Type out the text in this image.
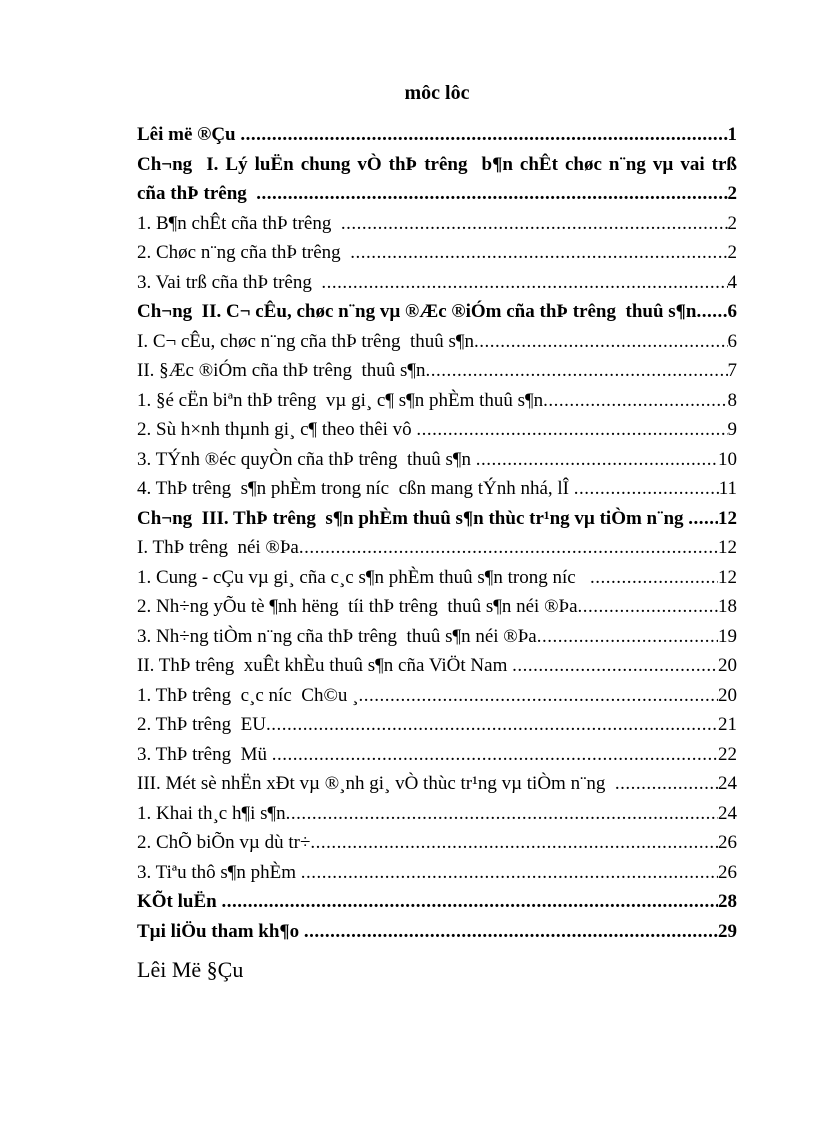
môc lôc
Lêi më ®Çu .....	1
Ch¬ng  I. Lý luËn chung vÒ thÞ trêng  b¶n chÊt chøc n¨ng vµ vai trß
cña thÞ trêng .....	2
1. B¶n chÊt cña thÞ trêng .....	2
2. Chøc n¨ng cña thÞ trêng .....	2
3. Vai trß cña thÞ trêng .....	4
Ch¬ng  II. C¬ cÊu, chøc n¨ng vµ ®Æc ®iÓm cña thÞ trêng  thuû s¶n ..... 6
I. C¬ cÊu, chøc n¨ng cña thÞ trêng  thuû s¶n .....	6
II. §Æc ®iÓm cña thÞ trêng  thuû s¶n .....	7
1. §é cËn biªn thÞ trêng  vµ gi¸ c¶ s¶n phÈm thuû s¶n .....	8
2. Sù h×nh thµnh gi¸ c¶ theo thêi vô .....	9
3. TÝnh ®éc quyÒn cña thÞ trêng  thuû s¶n .....	10
4. ThÞ trêng  s¶n phÈm trong níc  cßn mang tÝnh nhá, lÎ .....	11
Ch¬ng  III. ThÞ trêng  s¶n phÈm thuû s¶n thùc tr¹ng vµ tiÒm n¨ng ..... 12
I. ThÞ trêng  néi ®Þa .....	12
1. Cung - cÇu vµ gi¸ cña c¸c s¶n phÈm thuû s¶n trong níc .....	12
2. Nh÷ng yÕu tè ¶nh hëng  tíi thÞ trêng  thuû s¶n néi ®Þa .....	18
3. Nh÷ng tiÒm n¨ng cña thÞ trêng  thuû s¶n néi ®Þa .....	19
II. ThÞ trêng  xuÊt khÈu thuû s¶n cña ViÖt Nam .....	20
1. ThÞ trêng  c¸c níc  Ch©u ¸ .....	20
2. ThÞ trêng  EU .....	21
3. ThÞ trêng  Mü .....	22
III. Mét sè nhËn xÐt vµ ®¸nh gi¸ vÒ thùc tr¹ng vµ tiÒm n¨ng .....	24
1. Khai th¸c h¶i s¶n .....	24
2. ChÕ biÕn vµ dù tr÷ .....	26
3. Tiªu thô s¶n phÈm .....	26
KÕt luËn .....	28
Tµi liÖu tham kh¶o .....	29
Lêi Më §Çu
